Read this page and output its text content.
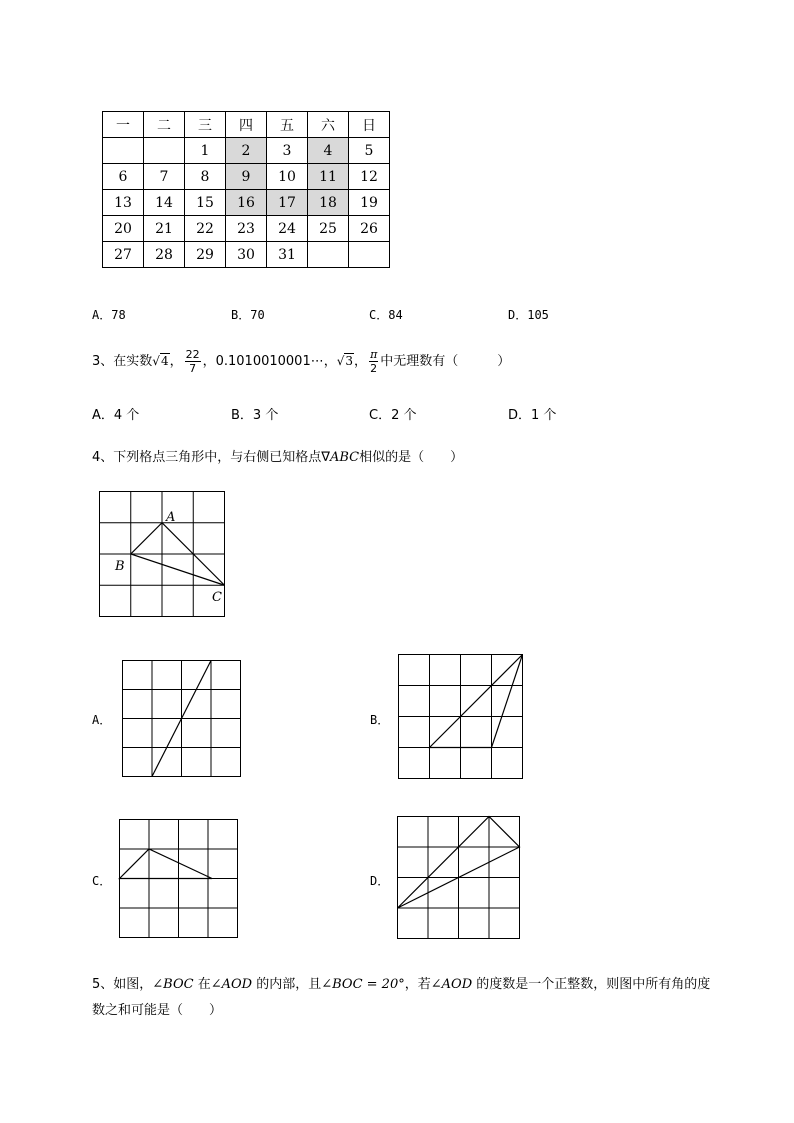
一	二	三	四	五	六	日
		1	2	3	4	5
6	7	8	9	10	11	12
13	14	15	16	17	18	19
20	21	22	23	24	25	26
27	28	29	30	31		
A．78	B．70	C．84	D．105
3、在实数√4， $\frac{22}{7}$ ，0.1010010001⋯，√3， $\frac{\pi}{2}$ 中无理数有（　　　）
A．4 个	B．3 个	C．2 个	D．1 个
4、下列格点三角形中，与右侧已知格点∇ABC相似的是（　　）
A
B
C
A．	B．
C．	D．
5、如图，∠BOC 在∠AOD 的内部，且∠BOC = 20°，若∠AOD 的度数是一个正整数，则图中所有角的度
数之和可能是（　　）
